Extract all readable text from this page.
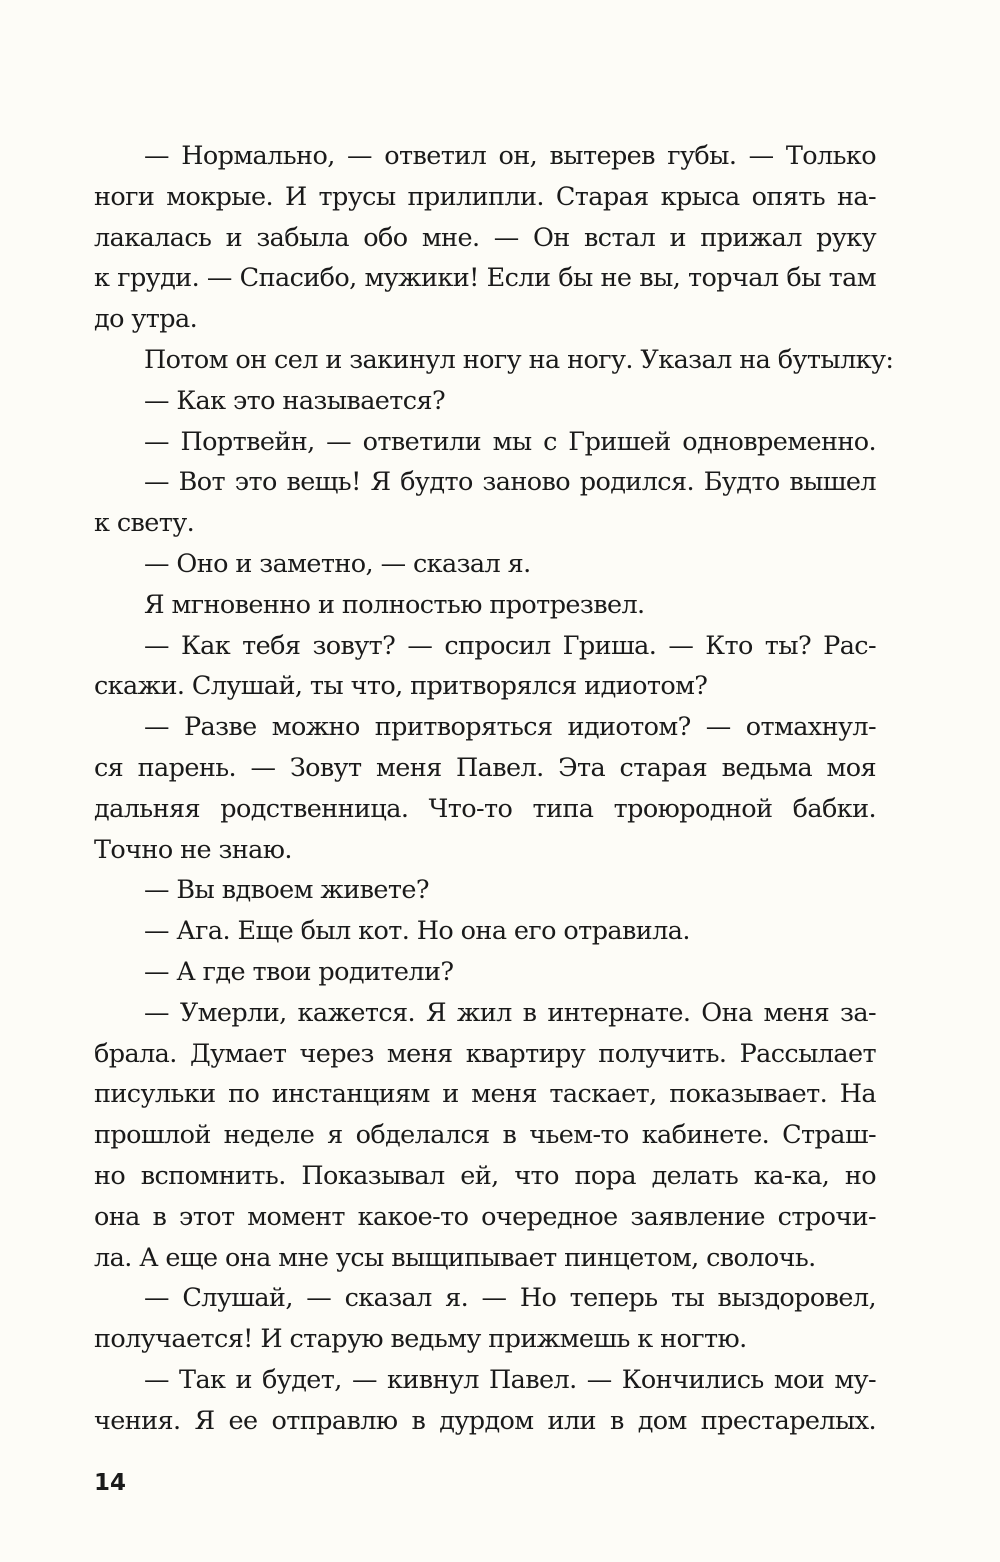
— Нормально, — ответил он, вытерев губы. — Только
ноги мокрые. И трусы прилипли. Старая крыса опять на-
лакалась и забыла обо мне. — Он встал и прижал руку
к груди. — Спасибо, мужики! Если бы не вы, торчал бы там
до утра.
Потом он сел и закинул ногу на ногу. Указал на бутылку:
— Как это называется?
— Портвейн, — ответили мы с Гришей одновременно.
— Вот это вещь! Я будто заново родился. Будто вышел
к свету.
— Оно и заметно, — сказал я.
Я мгновенно и полностью протрезвел.
— Как тебя зовут? — спросил Гриша. — Кто ты? Рас-
скажи. Слушай, ты что, притворялся идиотом?
— Разве можно притворяться идиотом? — отмахнул-
ся парень. — Зовут меня Павел. Эта старая ведьма моя
дальняя родственница. Что-то типа троюродной бабки.
Точно не знаю.
— Вы вдвоем живете?
— Ага. Еще был кот. Но она его отравила.
— А где твои родители?
— Умерли, кажется. Я жил в интернате. Она меня за-
брала. Думает через меня квартиру получить. Рассылает
писульки по инстанциям и меня таскает, показывает. На
прошлой неделе я обделался в чьем-то кабинете. Страш-
но вспомнить. Показывал ей, что пора делать ка-ка, но
она в этот момент какое-то очередное заявление строчи-
ла. А еще она мне усы выщипывает пинцетом, сволочь.
— Слушай, — сказал я. — Но теперь ты выздоровел,
получается! И старую ведьму прижмешь к ногтю.
— Так и будет, — кивнул Павел. — Кончились мои му-
чения. Я ее отправлю в дурдом или в дом престарелых.
14
